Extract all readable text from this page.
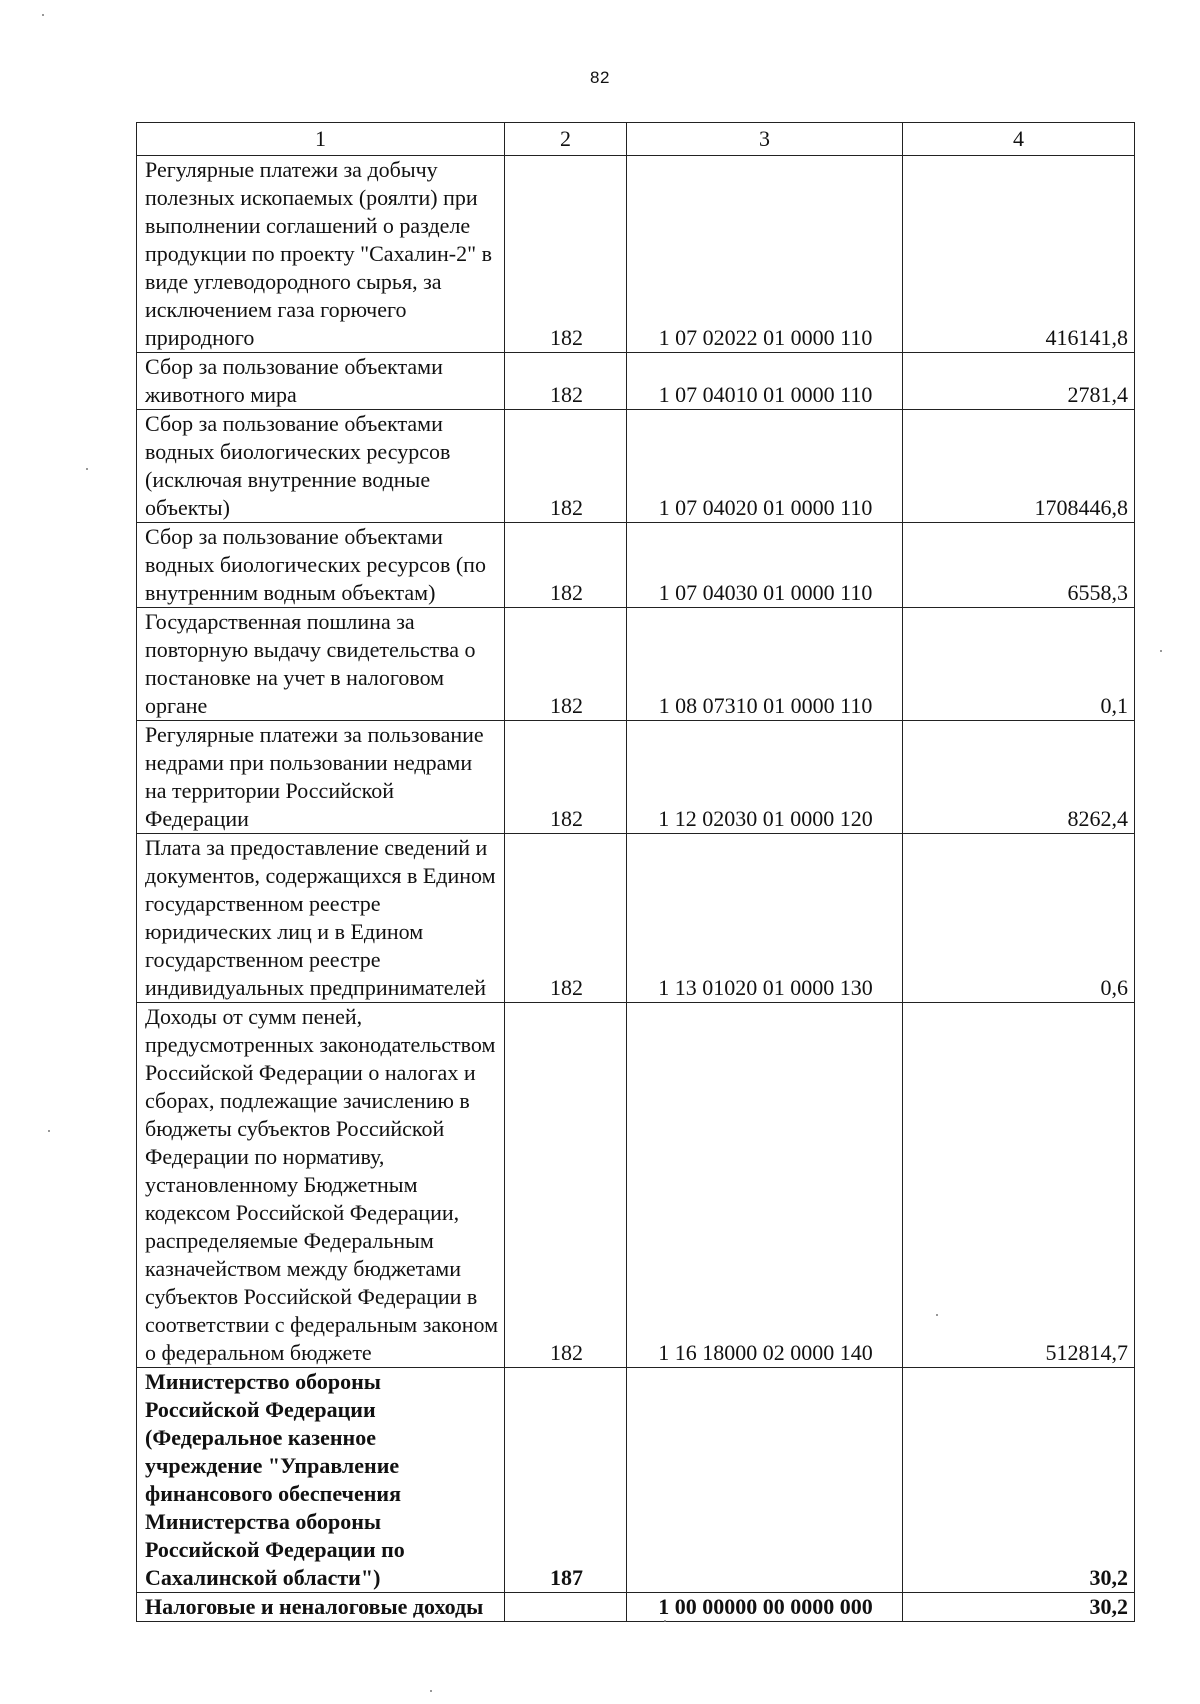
82
1	2	3	4
Регулярные платежи за добычу полезных ископаемых (роялти) при выполнении соглашений о разделе продукции по проекту "Сахалин-2" в виде углеводородного сырья, за исключением газа горючего природного	182	1 07 02022 01 0000 110	416141,8
Сбор за пользование объектами животного мира	182	1 07 04010 01 0000 110	2781,4
Сбор за пользование объектами водных биологических ресурсов (исключая внутренние водные объекты)	182	1 07 04020 01 0000 110	1708446,8
Сбор за пользование объектами водных биологических ресурсов (по внутренним водным объектам)	182	1 07 04030 01 0000 110	6558,3
Государственная пошлина за повторную выдачу свидетельства о постановке на учет в налоговом органе	182	1 08 07310 01 0000 110	0,1
Регулярные платежи за пользование недрами при пользовании недрами на территории Российской Федерации	182	1 12 02030 01 0000 120	8262,4
Плата за предоставление сведений и документов, содержащихся в Едином государственном реестре юридических лиц и в Едином государственном реестре индивидуальных предпринимателей	182	1 13 01020 01 0000 130	0,6
Доходы от сумм пеней, предусмотренных законодательством Российской Федерации о налогах и сборах, подлежащие зачислению в бюджеты субъектов Российской Федерации по нормативу, установленному Бюджетным кодексом Российской Федерации, распределяемые Федеральным казначейством между бюджетами субъектов Российской Федерации в соответствии с федеральным законом о федеральном бюджете	182	1 16 18000 02 0000 140	512814,7
Министерство обороны Российской Федерации (Федеральное казенное учреждение "Управление финансового обеспечения Министерства обороны Российской Федерации по Сахалинской области")	187		30,2
Налоговые и неналоговые доходы		1 00 00000 00 0000 000	30,2
